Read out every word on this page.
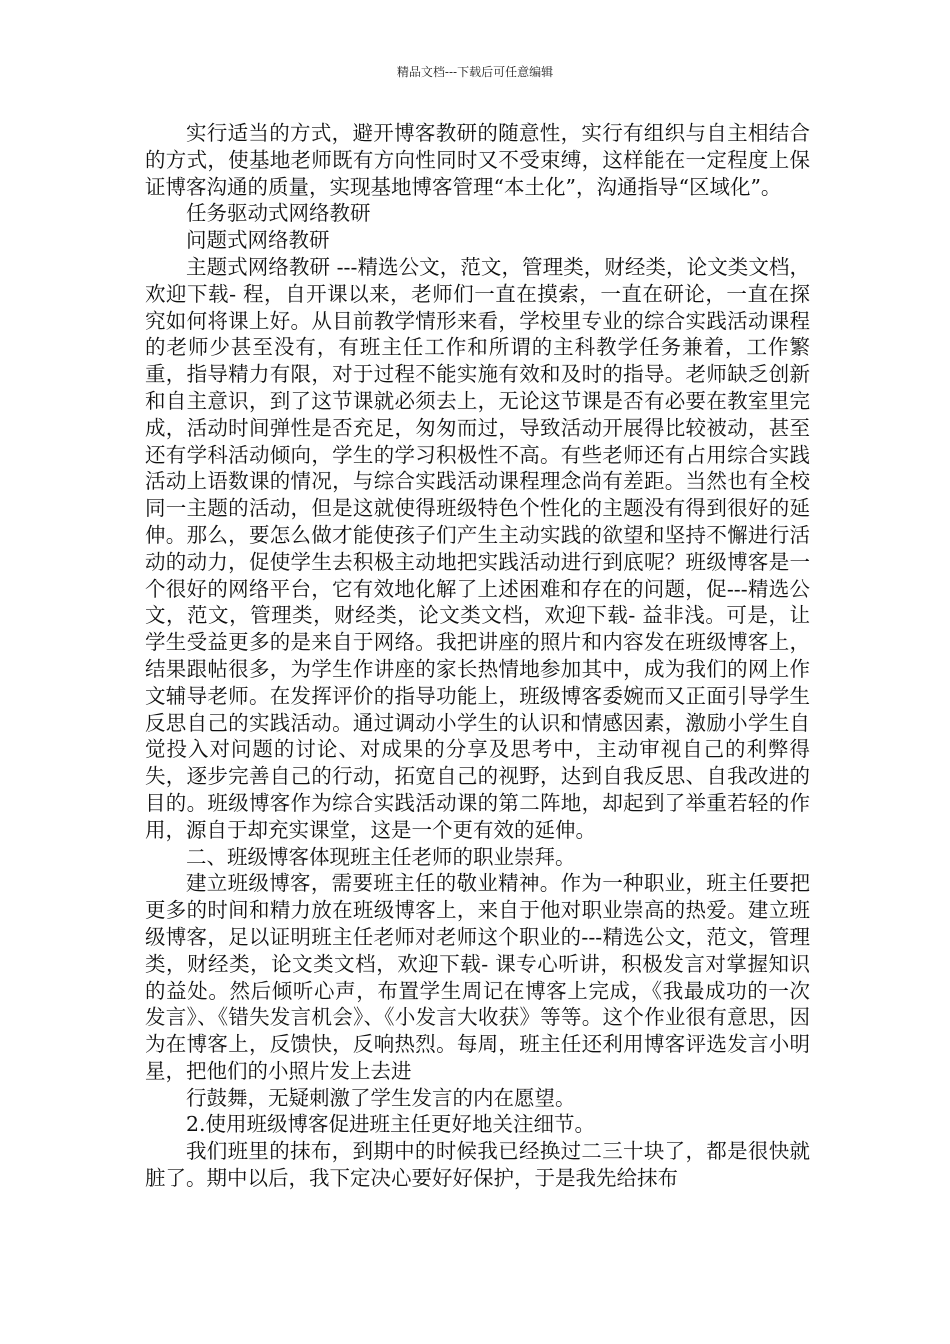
精品文档---下载后可任意编辑

实行适当的方式，避开博客教研的随意性，实行有组织与自主相结合的方式，使基地老师既有方向性同时又不受束缚，这样能在一定程度上保证博客沟通的质量，实现基地博客管理“本土化”，沟通指导“区域化”。

任务驱动式网络教研

问题式网络教研

主题式网络教研 ---精选公文，范文，管理类，财经类，论文类文档，欢迎下载- 程，自开课以来，老师们一直在摸索，一直在研论，一直在探究如何将课上好。从目前教学情形来看，学校里专业的综合实践活动课程的老师少甚至没有，有班主任工作和所谓的主科教学任务兼着，工作繁重，指导精力有限，对于过程不能实施有效和及时的指导。老师缺乏创新和自主意识，到了这节课就必须去上，无论这节课是否有必要在教室里完成，活动时间弹性是否充足，匆匆而过，导致活动开展得比较被动，甚至还有学科活动倾向，学生的学习积极性不高。有些老师还有占用综合实践活动上语数课的情况，与综合实践活动课程理念尚有差距。当然也有全校同一主题的活动，但是这就使得班级特色个性化的主题没有得到很好的延伸。那么，要怎么做才能使孩子们产生主动实践的欲望和坚持不懈进行活动的动力，促使学生去积极主动地把实践活动进行到底呢？班级博客是一个很好的网络平台，它有效地化解了上述困难和存在的问题，促---精选公文，范文，管理类，财经类，论文类文档，欢迎下载- 益非浅。可是，让学生受益更多的是来自于网络。我把讲座的照片和内容发在班级博客上，结果跟帖很多，为学生作讲座的家长热情地参加其中，成为我们的网上作文辅导老师。在发挥评价的指导功能上，班级博客委婉而又正面引导学生反思自己的实践活动。通过调动小学生的认识和情感因素，激励小学生自觉投入对问题的讨论、对成果的分享及思考中，主动审视自己的利弊得失，逐步完善自己的行动，拓宽自己的视野，达到自我反思、自我改进的目的。班级博客作为综合实践活动课的第二阵地，却起到了举重若轻的作用，源自于却充实课堂，这是一个更有效的延伸。

二、班级博客体现班主任老师的职业崇拜。

建立班级博客，需要班主任的敬业精神。作为一种职业，班主任要把更多的时间和精力放在班级博客上，来自于他对职业崇高的热爱。建立班级博客，足以证明班主任老师对老师这个职业的---精选公文，范文，管理类，财经类，论文类文档，欢迎下载- 课专心听讲，积极发言对掌握知识的益处。然后倾听心声，布置学生周记在博客上完成，《我最成功的一次发言》、《错失发言机会》、《小发言大收获》等等。这个作业很有意思，因为在博客上，反馈快，反响热烈。每周，班主任还利用博客评选发言小明星，把他们的小照片发上去进

行鼓舞，无疑刺激了学生发言的内在愿望。

2.使用班级博客促进班主任更好地关注细节。

我们班里的抹布，到期中的时候我已经换过二三十块了，都是很快就脏了。期中以后，我下定决心要好好保护，于是我先给抹布
